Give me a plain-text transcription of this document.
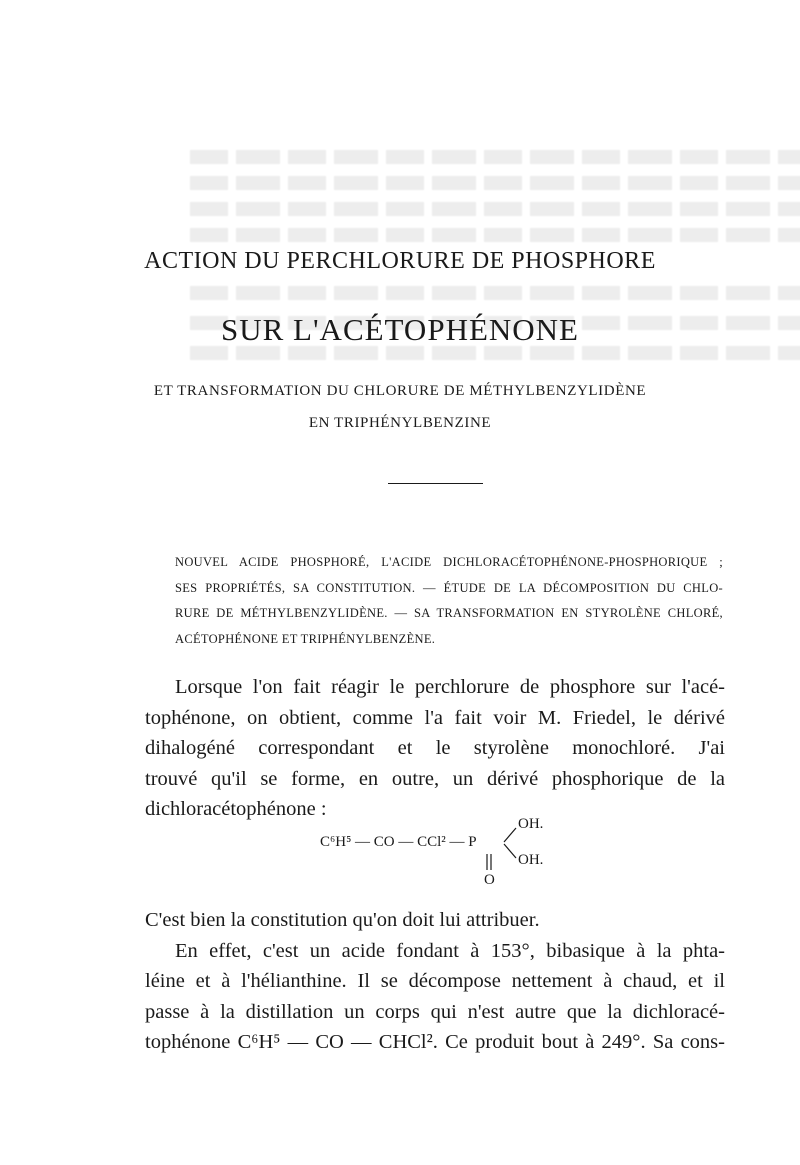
ACTION DU PERCHLORURE DE PHOSPHORE
SUR L'ACÉTOPHÉNONE
ET TRANSFORMATION DU CHLORURE DE MÉTHYLBENZYLIDÈNE
EN TRIPHÉNYLBENZINE
NOUVEL ACIDE PHOSPHORÉ, L'ACIDE DICHLORACÉTOPHÉNONE-PHOSPHORIQUE ;
SES PROPRIÉTÉS, SA CONSTITUTION. — ÉTUDE DE LA DÉCOMPOSITION DU CHLO-
RURE DE MÉTHYLBENZYLIDÈNE. — SA TRANSFORMATION EN STYROLÈNE CHLORÉ,
ACÉTOPHÉNONE ET TRIPHÉNYLBENZÈNE.
Lorsque l'on fait réagir le perchlorure de phosphore sur l'acé-
tophénone, on obtient, comme l'a fait voir M. Friedel, le dérivé
dihalogéné correspondant et le styrolène monochloré. J'ai
trouvé qu'il se forme, en outre, un dérivé phosphorique de la
dichloracétophénone :
C⁶H⁵ — CO — CCl² — P
OH.
OH.
O
C'est bien la constitution qu'on doit lui attribuer.
En effet, c'est un acide fondant à 153°, bibasique à la phta-
léine et à l'hélianthine. Il se décompose nettement à chaud, et il
passe à la distillation un corps qui n'est autre que la dichloracé-
tophénone C⁶H⁵ — CO — CHCl². Ce produit bout à 249°. Sa cons-
